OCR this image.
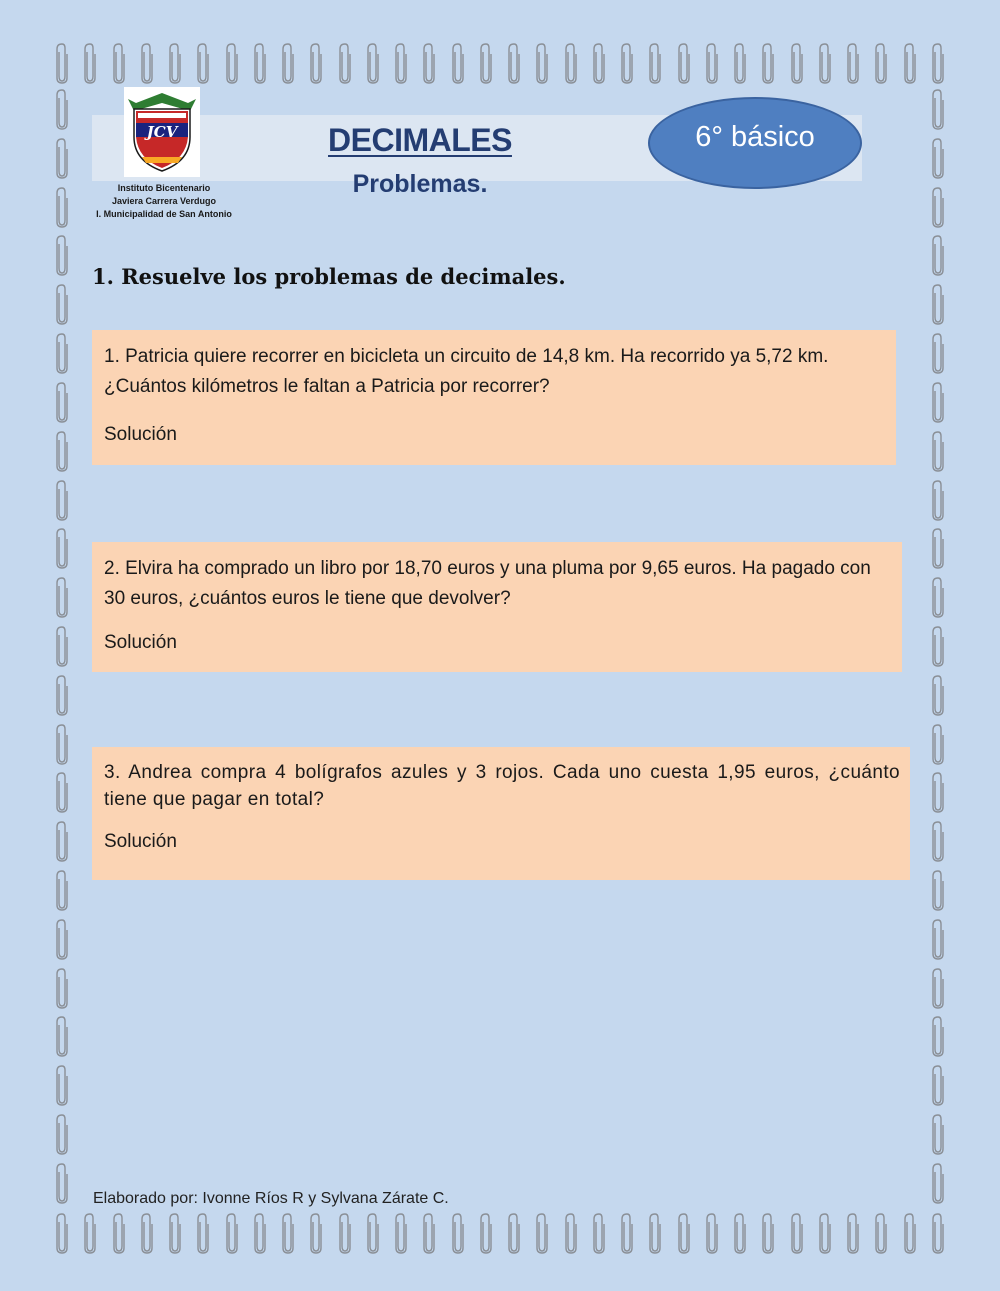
JCV
Instituto Bicentenario
Javiera Carrera Verdugo
I. Municipalidad de San Antonio
DECIMALES
Problemas.
6° básico
1. Resuelve los problemas de decimales.
1. Patricia quiere recorrer en bicicleta un circuito de 14,8 km. Ha recorrido ya 5,72 km. ¿Cuántos kilómetros le faltan a Patricia por recorrer?
Solución
2. Elvira ha comprado un libro por 18,70 euros y una pluma por 9,65 euros. Ha pagado con 30 euros, ¿cuántos euros le tiene que devolver?
Solución
3. Andrea compra 4 bolígrafos azules y 3 rojos. Cada uno cuesta 1,95 euros, ¿cuánto tiene que pagar en total?
Solución
Elaborado por: Ivonne Ríos R y Sylvana Zárate C.
